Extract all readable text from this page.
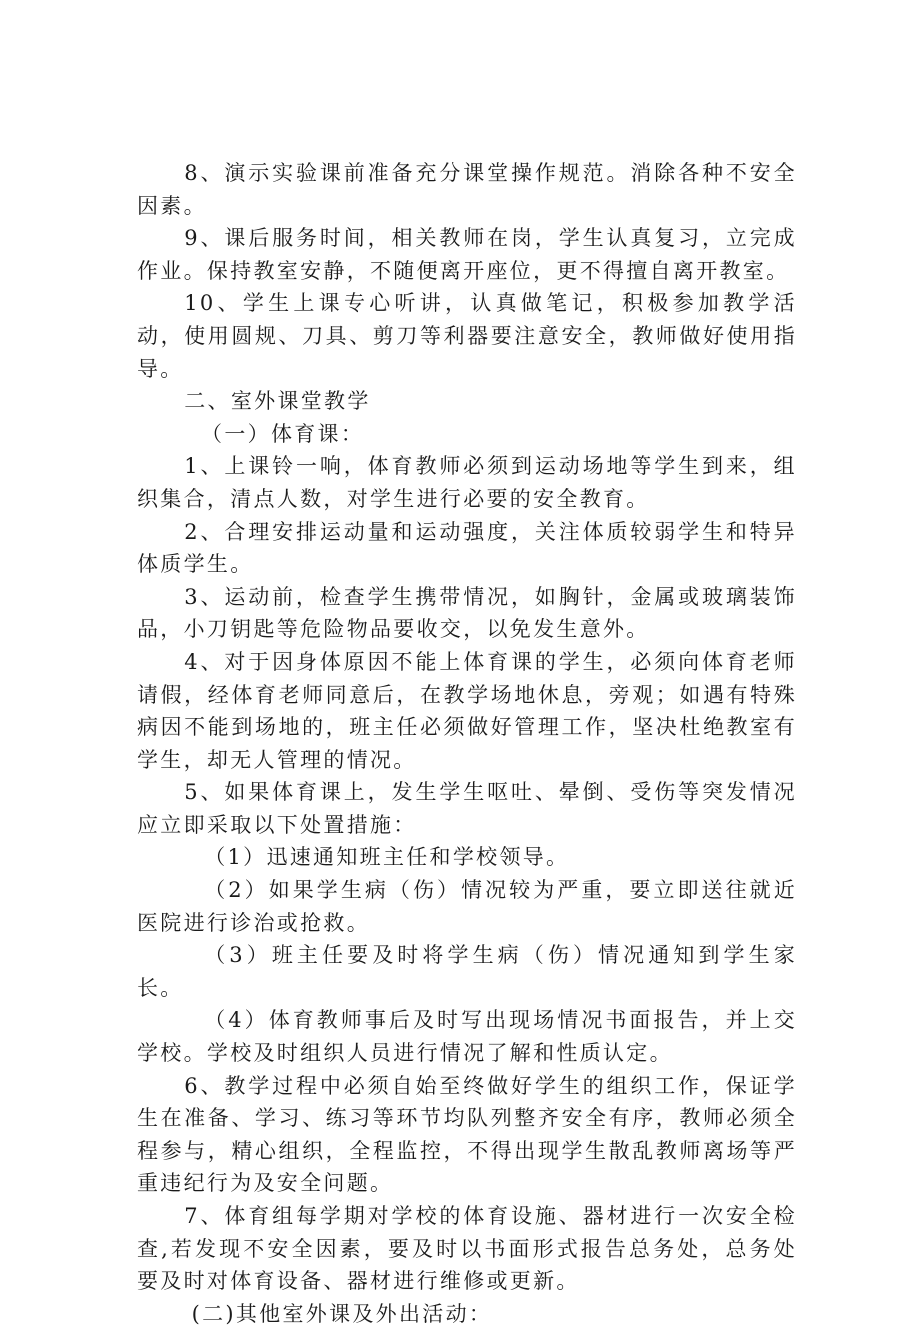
8、演示实验课前准备充分课堂操作规范。消除各种不安全因素。

9、课后服务时间，相关教师在岗，学生认真复习，立完成作业。保持教室安静，不随便离开座位，更不得擅自离开教室。

10、学生上课专心听讲，认真做笔记，积极参加教学活动，使用圆规、刀具、剪刀等利器要注意安全，教师做好使用指导。

二、室外课堂教学

（一）体育课：

1、上课铃一响，体育教师必须到运动场地等学生到来，组织集合，清点人数，对学生进行必要的安全教育。

2、合理安排运动量和运动强度，关注体质较弱学生和特异体质学生。

3、运动前，检查学生携带情况，如胸针，金属或玻璃装饰品，小刀钥匙等危险物品要收交，以免发生意外。

4、对于因身体原因不能上体育课的学生，必须向体育老师请假，经体育老师同意后，在教学场地休息，旁观；如遇有特殊病因不能到场地的，班主任必须做好管理工作，坚决杜绝教室有学生，却无人管理的情况。

5、如果体育课上，发生学生呕吐、晕倒、受伤等突发情况应立即采取以下处置措施：

（1）迅速通知班主任和学校领导。

（2）如果学生病（伤）情况较为严重，要立即送往就近医院进行诊治或抢救。

（3）班主任要及时将学生病（伤）情况通知到学生家长。

（4）体育教师事后及时写出现场情况书面报告，并上交学校。学校及时组织人员进行情况了解和性质认定。

6、教学过程中必须自始至终做好学生的组织工作，保证学生在准备、学习、练习等环节均队列整齐安全有序，教师必须全程参与，精心组织，全程监控，不得出现学生散乱教师离场等严重违纪行为及安全问题。

7、体育组每学期对学校的体育设施、器材进行一次安全检查,若发现不安全因素，要及时以书面形式报告总务处，总务处要及时对体育设备、器材进行维修或更新。

(二)其他室外课及外出活动：
